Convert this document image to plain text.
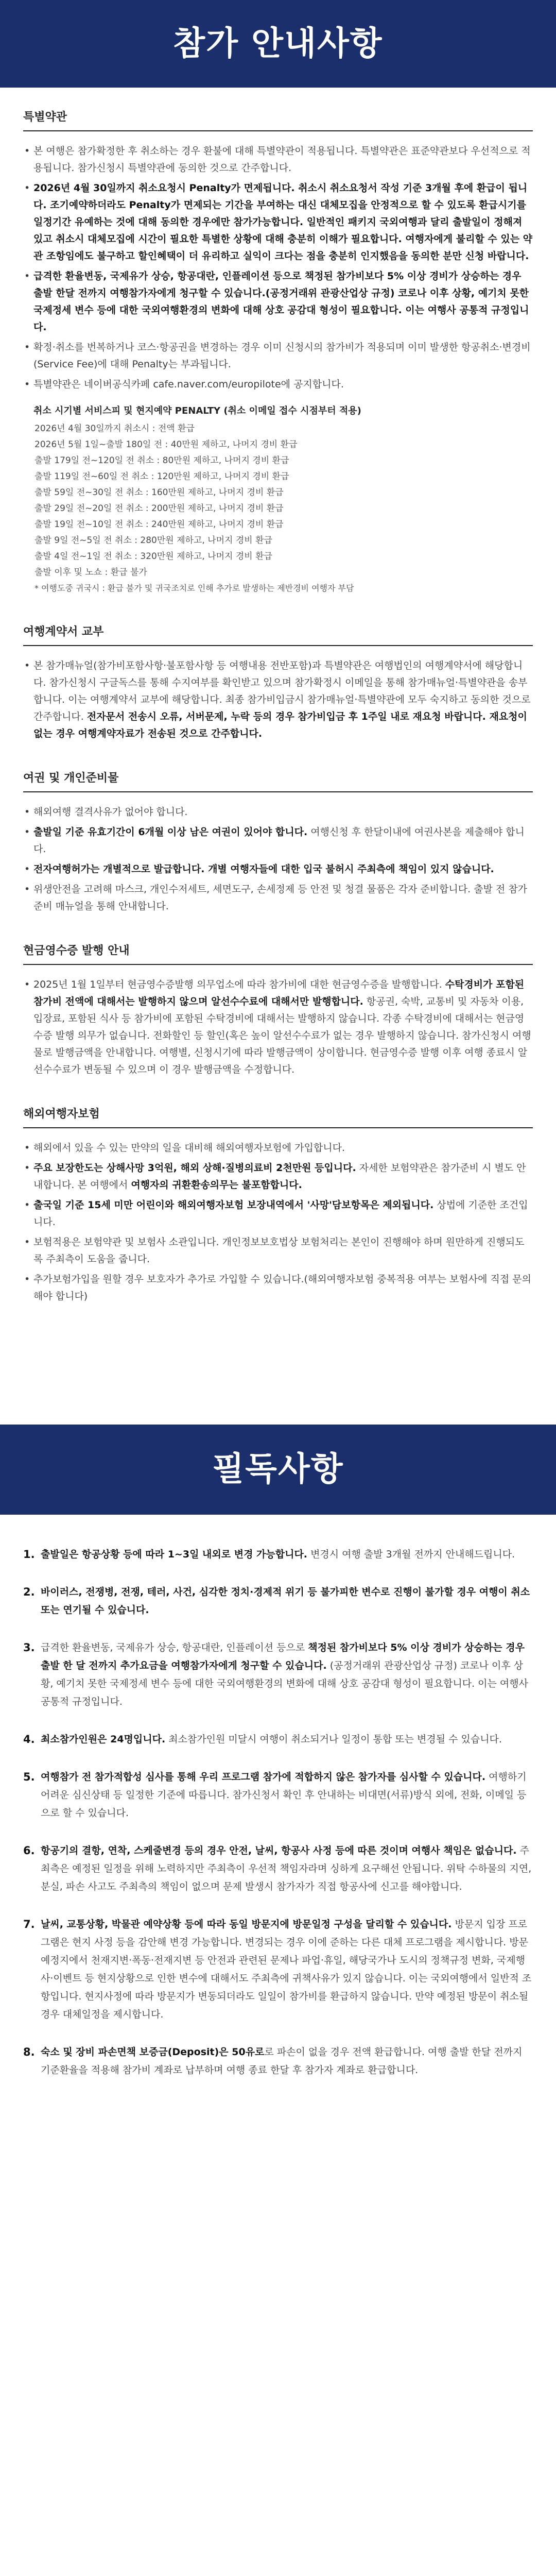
참가 안내사항
특별약관
• 본 여행은 참가확정한 후 취소하는 경우 환불에 대해 특별약관이 적용됩니다. 특별약관은 표준약관보다 우선적으로 적용됩니다. 참가신청시 특별약관에 동의한 것으로 간주합니다.
• 2026년 4월 30일까지 취소요청시 Penalty가 면제됩니다. 취소시 취소요청서 작성 기준 3개월 후에 환급이 됩니다. 조기예약하더라도 Penalty가 면제되는 기간을 부여하는 대신 대체모집을 안정적으로 할 수 있도록 환급시기를 일정기간 유예하는 것에 대해 동의한 경우에만 참가가능합니다. 일반적인 패키지 국외여행과 달리 출발일이 정해져 있고 취소시 대체모집에 시간이 필요한 특별한 상황에 대해 충분히 이해가 필요합니다. 여행자에게 불리할 수 있는 약관 조항임에도 불구하고 할인혜택이 더 유리하고 실익이 크다는 점을 충분히 인지했음을 동의한 분만 신청 바랍니다.
• 급격한 환율변동, 국제유가 상승, 항공대란, 인플레이션 등으로 책정된 참가비보다 5% 이상 경비가 상승하는 경우 출발 한달 전까지 여행참가자에게 청구할 수 있습니다.(공정거래위 관광산업상 규정) 코로나 이후 상황, 예기치 못한 국제정세 변수 등에 대한 국외여행환경의 변화에 대해 상호 공감대 형성이 필요합니다. 이는 여행사 공통적 규정입니다.
• 확정·취소를 번복하거나 코스·항공권을 변경하는 경우 이미 신청시의 참가비가 적용되며 이미 발생한 항공취소·변경비(Service Fee)에 대해 Penalty는 부과됩니다.
• 특별약관은 네이버공식카페 cafe.naver.com/europilote에 공지합니다.
취소 시기별 서비스피 및 현지예약 PENALTY (취소 이메일 접수 시점부터 적용)
2026년 4월 30일까지 취소시 : 전액 환급
2026년 5월 1일~출발 180일 전 : 40만원 제하고, 나머지 경비 환급
출발 179일 전~120일 전 취소 : 80만원 제하고, 나머지 경비 환급
출발 119일 전~60일 전 취소 : 120만원 제하고, 나머지 경비 환급
출발 59일 전~30일 전 취소 : 160만원 제하고, 나머지 경비 환급
출발 29일 전~20일 전 취소 : 200만원 제하고, 나머지 경비 환급
출발 19일 전~10일 전 취소 : 240만원 제하고, 나머지 경비 환급
출발 9일 전~5일 전 취소 : 280만원 제하고, 나머지 경비 환급
출발 4일 전~1일 전 취소 : 320만원 제하고, 나머지 경비 환급
출발 이후 및 노쇼 : 환급 불가
* 여행도중 귀국시 : 환급 불가 및 귀국조치로 인해 추가로 발생하는 제반경비 여행자 부담
여행계약서 교부
• 본 참가매뉴얼(참가비포함사항·불포함사항 등 여행내용 전반포함)과 특별약관은 여행법인의 여행계약서에 해당합니다. 참가신청시 구글독스를 통해 수지여부를 확인받고 있으며 참가확정시 이메일을 통해 참가매뉴얼·특별약관을 송부합니다. 이는 여행계약서 교부에 해당합니다. 최종 참가비입금시 참가매뉴얼·특별약관에 모두 숙지하고 동의한 것으로 간주합니다. 전자문서 전송시 오류, 서버문제, 누락 등의 경우 참가비입금 후 1주일 내로 재요청 바랍니다. 재요청이 없는 경우 여행계약자료가 전송된 것으로 간주합니다.
여권 및 개인준비물
• 해외여행 결격사유가 없어야 합니다.
• 출발일 기준 유효기간이 6개월 이상 남은 여권이 있어야 합니다. 여행신청 후 한달이내에 여권사본을 제출해야 합니다.
• 전자여행허가는 개별적으로 발급합니다. 개별 여행자들에 대한 입국 불허시 주최측에 책임이 있지 않습니다.
• 위생안전을 고려해 마스크, 개인수저세트, 세면도구, 손세정제 등 안전 및 청결 물품은 각자 준비합니다. 출발 전 참가준비 매뉴얼을 통해 안내합니다.
현금영수증 발행 안내
• 2025년 1월 1일부터 현금영수증발행 의무업소에 따라 참가비에 대한 현금영수증을 발행합니다. 수탁경비가 포함된 참가비 전액에 대해서는 발행하지 않으며 알선수수료에 대해서만 발행합니다. 항공권, 숙박, 교통비 및 자동차 이용, 입장료, 포함된 식사 등 참가비에 포함된 수탁경비에 대해서는 발행하지 않습니다. 각종 수탁경비에 대해서는 현금영수증 발행 의무가 없습니다. 전화할인 등 할인(혹은 높이 알선수수료가 없는 경우 발행하지 않습니다. 참가신청시 여행물로 발행금액을 안내합니다. 여행별, 신청시기에 따라 발행금액이 상이합니다. 현금영수증 발행 이후 여행 종료시 알선수수료가 변동될 수 있으며 이 경우 발행금액을 수정합니다.
해외여행자보험
• 해외에서 있을 수 있는 만약의 일을 대비해 해외여행자보험에 가입합니다.
• 주요 보장한도는 상해사망 3억원, 해외 상해·질병의료비 2천만원 등입니다. 자세한 보험약관은 참가준비 시 별도 안내합니다. 본 여행에서 여행자의 귀환환송의무는 불포함합니다.
• 출국일 기준 15세 미만 어린이와 해외여행자보험 보장내역에서 '사망'담보항목은 제외됩니다. 상법에 기준한 조건입니다.
• 보험적용은 보험약관 및 보험사 소관입니다. 개인정보보호법상 보험처리는 본인이 진행해야 하며 원만하게 진행되도록 주최측이 도움을 줍니다.
• 추가보험가입을 원할 경우 보호자가 추가로 가입할 수 있습니다.(해외여행자보험 중복적용 여부는 보험사에 직접 문의해야 합니다)
필독사항
1. 출발일은 항공상황 등에 따라 1~3일 내외로 변경 가능합니다. 변경시 여행 출발 3개월 전까지 안내해드립니다.
2. 바이러스, 전쟁병, 전쟁, 테러, 사건, 심각한 정치·경제적 위기 등 불가피한 변수로 진행이 불가할 경우 여행이 취소 또는 연기될 수 있습니다.
3. 급격한 환율변동, 국제유가 상승, 항공대란, 인플레이션 등으로 책정된 참가비보다 5% 이상 경비가 상승하는 경우 출발 한 달 전까지 추가요금을 여행참가자에게 청구할 수 있습니다. (공정거래위 관광산업상 규정) 코로나 이후 상황, 예기치 못한 국제정세 변수 등에 대한 국외여행환경의 변화에 대해 상호 공감대 형성이 필요합니다. 이는 여행사 공통적 규정입니다.
4. 최소참가인원은 24명입니다. 최소참가인원 미달시 여행이 취소되거나 일정이 통합 또는 변경될 수 있습니다.
5. 여행참가 전 참가적합성 심사를 통해 우리 프로그램 참가에 적합하지 않은 참가자를 심사할 수 있습니다. 여행하기 어려운 심신상태 등 일정한 기준에 따릅니다. 참가신청서 확인 후 안내하는 비대면(서류)방식 외에, 전화, 이메일 등으로 할 수 있습니다.
6. 항공기의 결항, 연착, 스케줄변경 등의 경우 안전, 날씨, 항공사 사정 등에 따른 것이며 여행사 책임은 없습니다. 주최측은 예정된 일정을 위해 노력하지만 주최측이 우선적 책임자라며 싱하게 요구해선 안됩니다. 위탁 수하물의 지연, 분실, 파손 사고도 주최측의 책임이 없으며 문제 발생시 참가자가 직접 항공사에 신고를 해야합니다.
7. 날씨, 교통상황, 박물관 예약상황 등에 따라 동일 방문지에 방문일정 구성을 달리할 수 있습니다. 방문지 입장 프로그램은 현지 사정 등을 감안해 변경 가능합니다. 변경되는 경우 이에 준하는 다른 대체 프로그램을 제시합니다. 방문 예정지에서 천재지변·폭동·전재지변 등 안전과 관련된 문제나 파업·휴일, 해당국가나 도시의 정책규정 변화, 국제행사·이벤트 등 현지상황으로 인한 변수에 대해서도 주최측에 귀책사유가 있지 않습니다. 이는 국외여행에서 일반적 조항입니다. 현지사정에 따라 방문지가 변동되더라도 일일이 참가비를 환급하지 않습니다. 만약 예정된 방문이 취소될 경우 대체일정을 제시합니다.
8. 숙소 및 장비 파손면책 보증금(Deposit)은 50유로로 파손이 없을 경우 전액 환급합니다. 여행 출발 한달 전까지 기준환율을 적용해 참가비 계좌로 납부하며 여행 종료 한달 후 참가자 계좌로 환급합니다.
